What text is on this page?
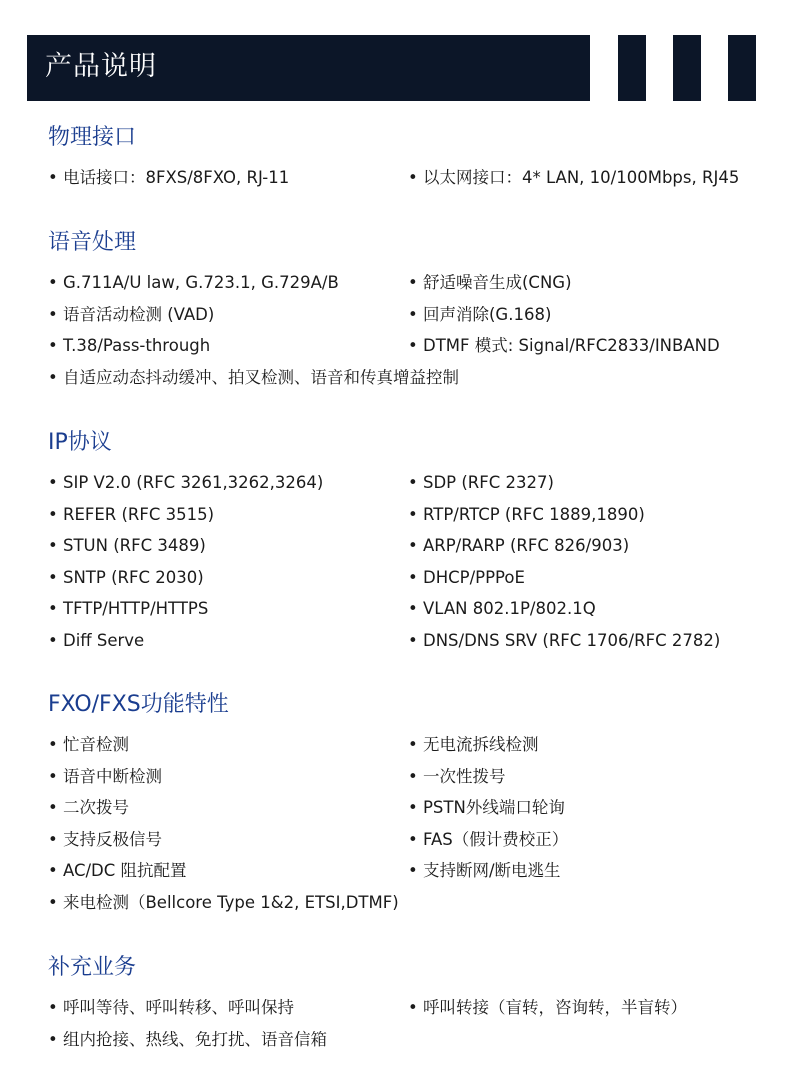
产品说明
物理接口
• 电话接口：8FXS/8FXO, RJ-11	• 以太网接口：4* LAN, 10/100Mbps, RJ45
语音处理
• G.711A/U law, G.723.1, G.729A/B	• 舒适噪音生成(CNG)
• 语音活动检测 (VAD)	• 回声消除(G.168)
• T.38/Pass-through	• DTMF 模式: Signal/RFC2833/INBAND
• 自适应动态抖动缓冲、拍叉检测、语音和传真增益控制
IP协议
• SIP V2.0 (RFC 3261,3262,3264)	• SDP (RFC 2327)
• REFER (RFC 3515)	• RTP/RTCP (RFC 1889,1890)
• STUN (RFC 3489)	• ARP/RARP (RFC 826/903)
• SNTP (RFC 2030)	• DHCP/PPPoE
• TFTP/HTTP/HTTPS	• VLAN 802.1P/802.1Q
• Diff Serve	• DNS/DNS SRV (RFC 1706/RFC 2782)
FXO/FXS功能特性
• 忙音检测	• 无电流拆线检测
• 语音中断检测	• 一次性拨号
• 二次拨号	• PSTN外线端口轮询
• 支持反极信号	• FAS（假计费校正）
• AC/DC 阻抗配置	• 支持断网/断电逃生
• 来电检测（Bellcore Type 1&2, ETSI,DTMF)
补充业务
• 呼叫等待、呼叫转移、呼叫保持	• 呼叫转接（盲转，咨询转，半盲转）
• 组内抢接、热线、免打扰、语音信箱
